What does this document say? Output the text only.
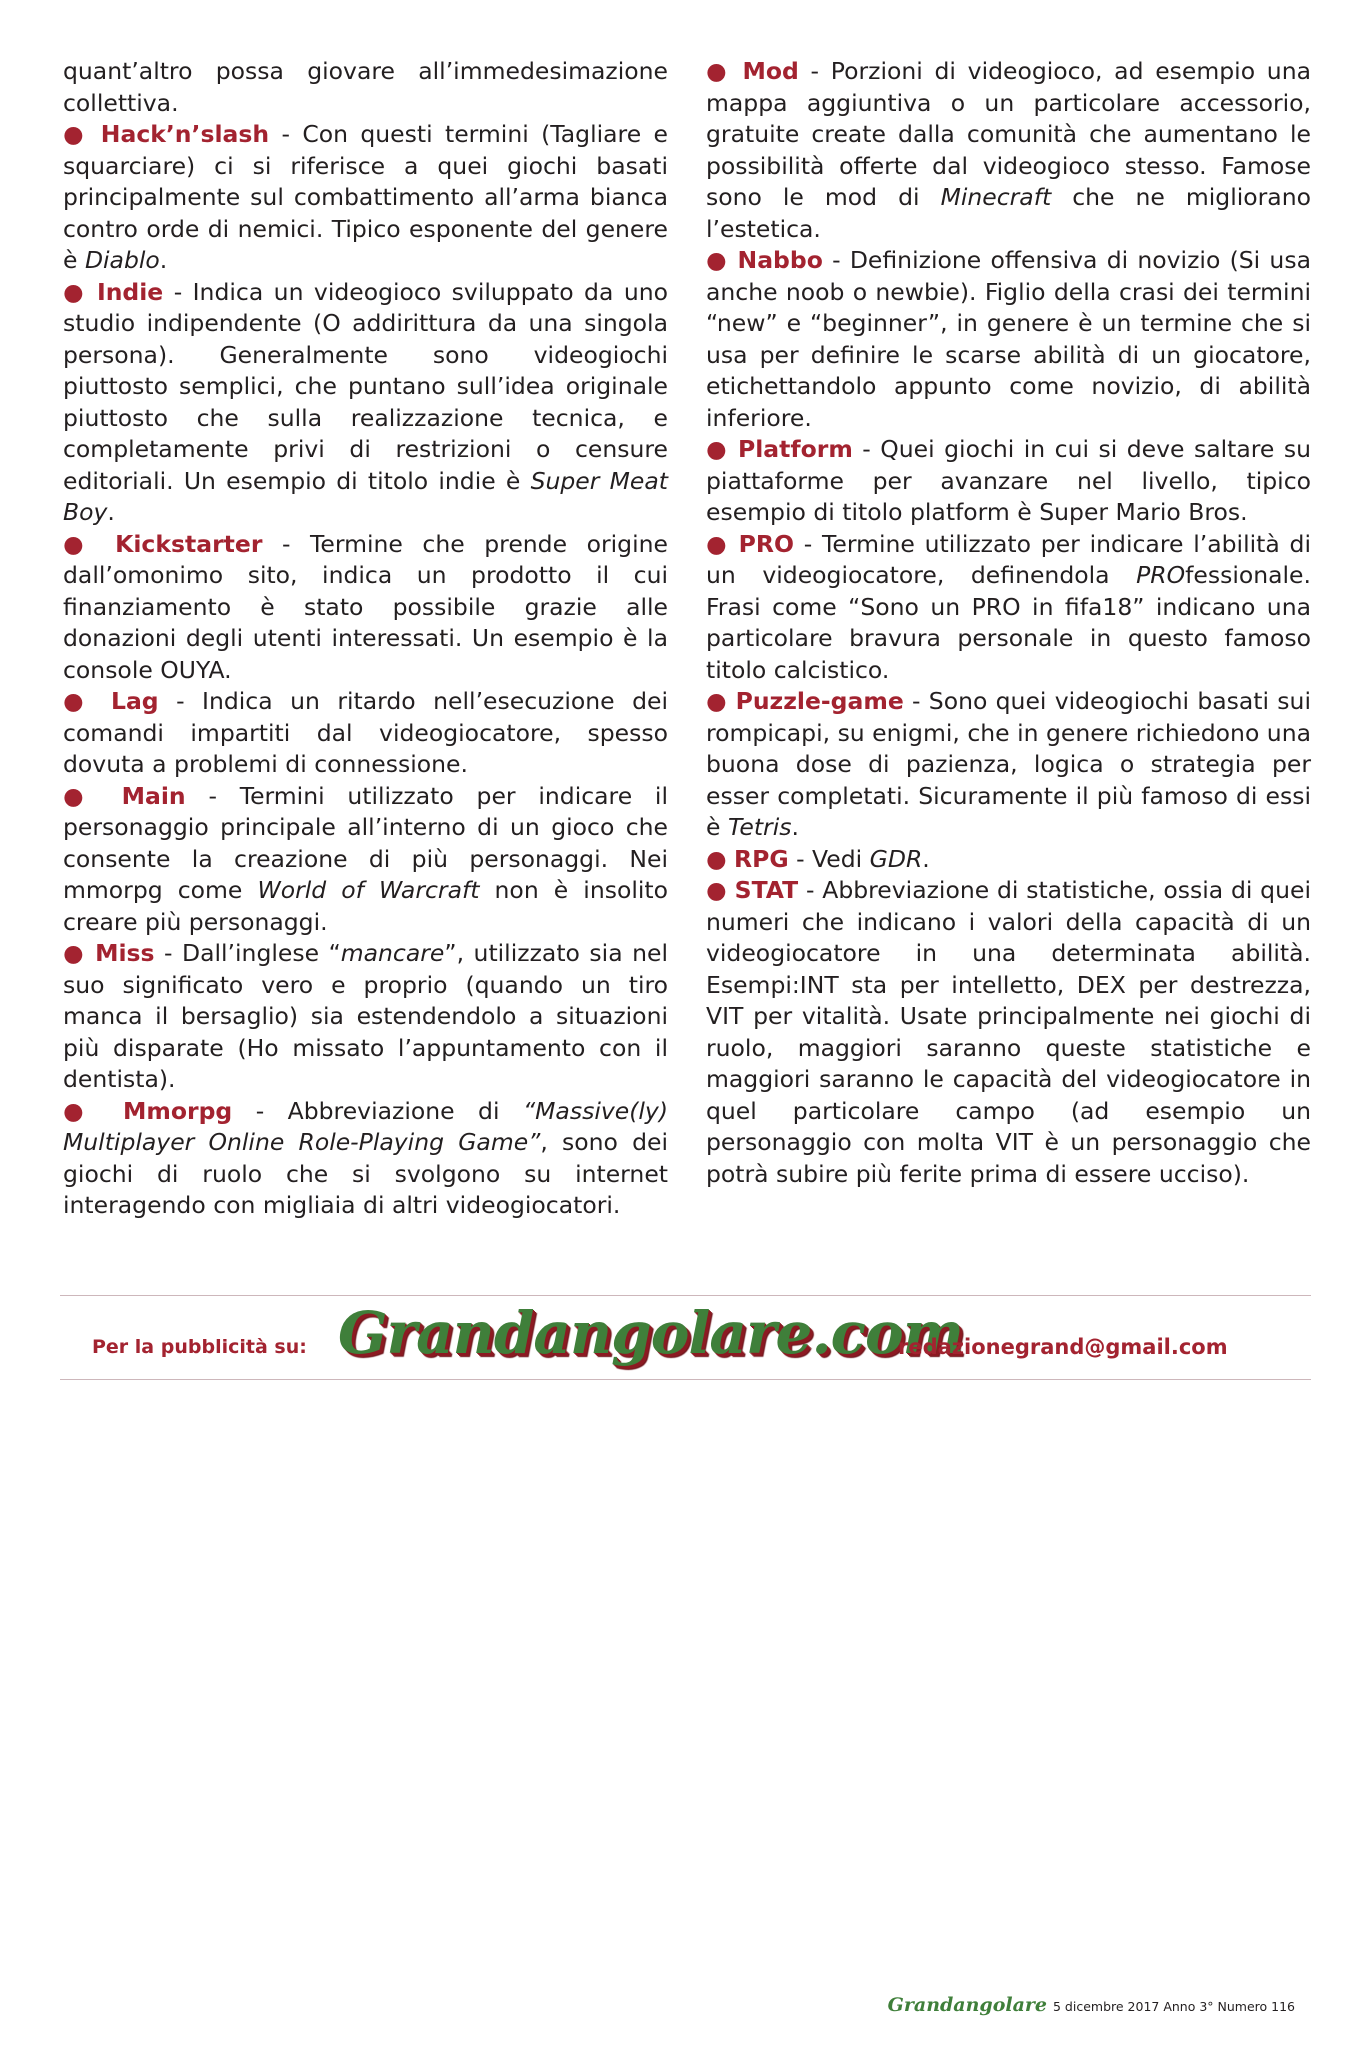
quant’altro possa giovare all’immedesimazione collettiva.

● Hack’n’slash - Con questi termini (Tagliare e squarciare) ci si riferisce a quei giochi basati principalmente sul combattimento all’arma bianca contro orde di nemici. Tipico esponente del genere è Diablo.

● Indie - Indica un videogioco sviluppato da uno studio indipendente (O addirittura da una singola persona). Generalmente sono videogiochi piuttosto semplici, che puntano sull’idea originale piuttosto che sulla realizzazione tecnica, e completamente privi di restrizioni o censure editoriali. Un esempio di titolo indie è Super Meat Boy.

● Kickstarter - Termine che prende origine dall’omonimo sito, indica un prodotto il cui finanziamento è stato possibile grazie alle donazioni degli utenti interessati. Un esempio è la console OUYA.

● Lag - Indica un ritardo nell’esecuzione dei comandi impartiti dal videogiocatore, spesso dovuta a problemi di connessione.

● Main - Termini utilizzato per indicare il personaggio principale all’interno di un gioco che consente la creazione di più personaggi. Nei mmorpg come World of Warcraft non è insolito creare più personaggi.

● Miss - Dall’inglese “mancare”, utilizzato sia nel suo significato vero e proprio (quando un tiro manca il bersaglio) sia estendendolo a situazioni più disparate (Ho missato l’appuntamento con il dentista).

● Mmorpg - Abbreviazione di “Massive(ly) Multiplayer Online Role-Playing Game”, sono dei giochi di ruolo che si svolgono su internet interagendo con migliaia di altri videogiocatori.

● Mod - Porzioni di videogioco, ad esempio una mappa aggiuntiva o un particolare accessorio, gratuite create dalla comunità che aumentano le possibilità offerte dal videogioco stesso. Famose sono le mod di Minecraft che ne migliorano l’estetica.

● Nabbo - Definizione offensiva di novizio (Si usa anche noob o newbie). Figlio della crasi dei termini “new” e “beginner”, in genere è un termine che si usa per definire le scarse abilità di un giocatore, etichettandolo appunto come novizio, di abilità inferiore.

● Platform - Quei giochi in cui si deve saltare su piattaforme per avanzare nel livello, tipico esempio di titolo platform è Super Mario Bros.

● PRO - Termine utilizzato per indicare l’abilità di un videogiocatore, definendola PROfessionale. Frasi come “Sono un PRO in fifa18” indicano una particolare bravura personale in questo famoso titolo calcistico.

● Puzzle-game - Sono quei videogiochi basati sui rompicapi, su enigmi, che in genere richiedono una buona dose di pazienza, logica o strategia per esser completati. Sicuramente il più famoso di essi è Tetris.

● RPG - Vedi GDR.

● STAT - Abbreviazione di statistiche, ossia di quei numeri che indicano i valori della capacità di un videogiocatore in una determinata abilità. Esempi:INT sta per intelletto, DEX per destrezza, VIT per vitalità. Usate principalmente nei giochi di ruolo, maggiori saranno queste statistiche e maggiori saranno le capacità del videogiocatore in quel particolare campo (ad esempio un personaggio con molta VIT è un personaggio che potrà subire più ferite prima di essere ucciso).

Per la pubblicità su: Grandangolare.com
redazionegrand@gmail.com
Grandangolare 5 dicembre 2017 Anno 3° Numero 116
